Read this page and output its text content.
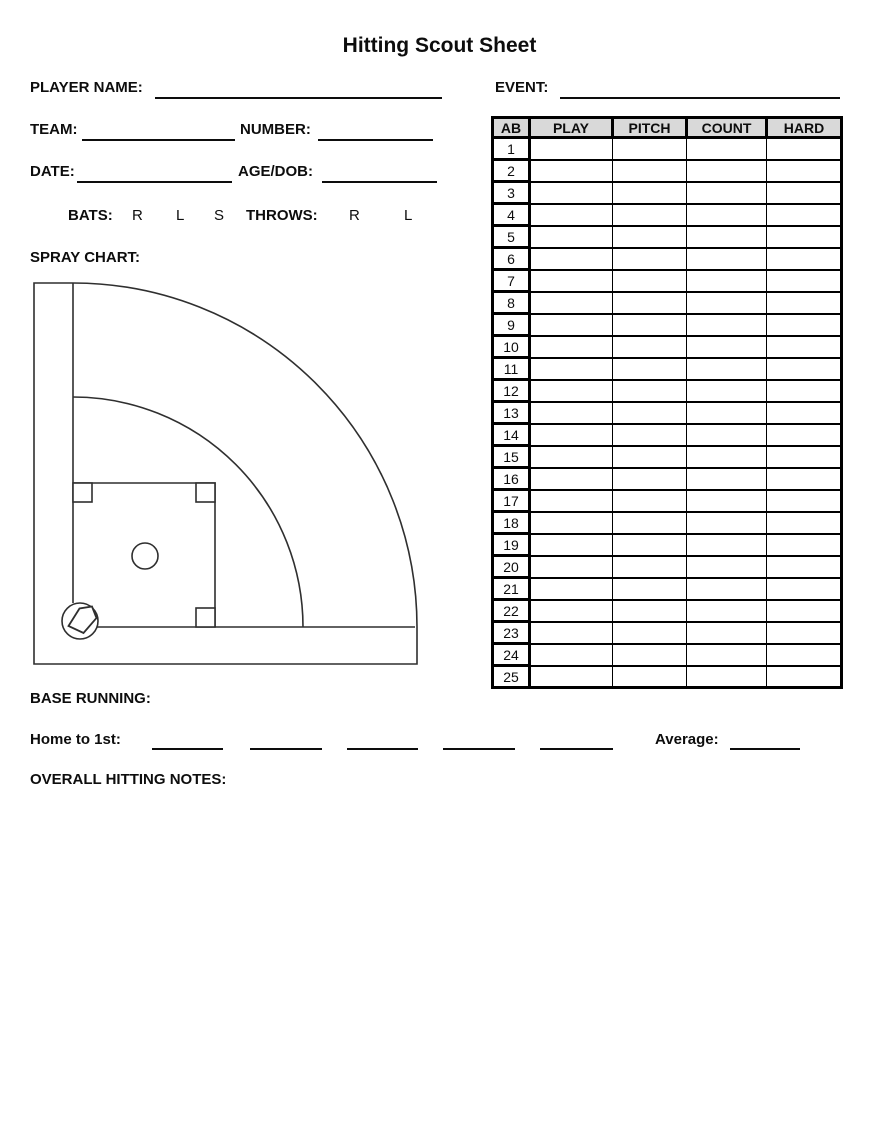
Hitting Scout Sheet
PLAYER NAME:	EVENT:
TEAM:	NUMBER:
DATE:	AGE/DOB:
BATS: R L S THROWS: R	L
SPRAY CHART:
AB	PLAY	PITCH	COUNT	HARD
1				
2				
3				
4				
5				
6				
7				
8				
9				
10				
11				
12				
13				
14				
15				
16				
17				
18				
19				
20				
21				
22				
23				
24				
25				
BASE RUNNING:
Home to 1st:	Average:
OVERALL HITTING NOTES:
